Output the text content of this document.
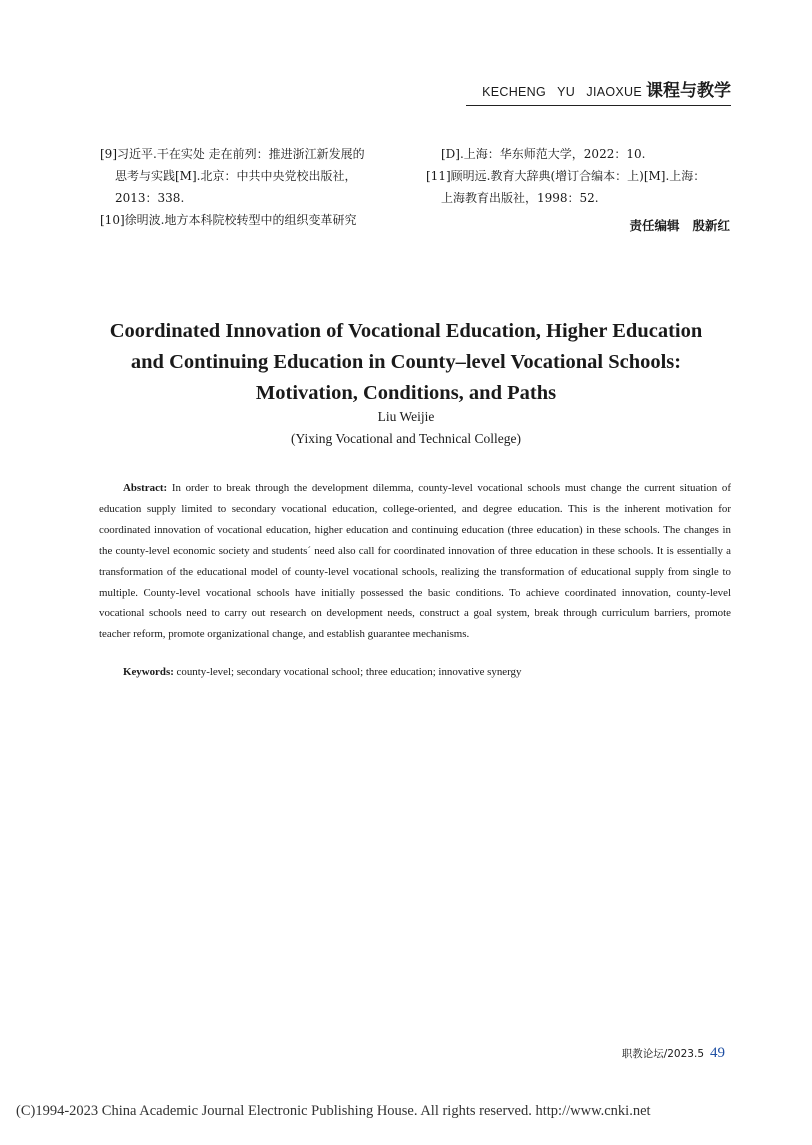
KECHENG   YU   JIAOXUE 课程与教学

[9]习近平.干在实处 走在前列：推进浙江新发展的
思考与实践[M].北京：中共中央党校出版社，
2013：338.

[10]徐明波.地方本科院校转型中的组织变革研究

[D].上海：华东师范大学，2022：10.

[11]顾明远.教育大辞典(增订合编本：上)[M].上海：
上海教育出版社，1998：52.

责任编辑   殷新红
Coordinated Innovation of Vocational Education, Higher Education
and Continuing Education in County–level Vocational Schools:
Motivation, Conditions, and Paths
Liu Weijie
(Yixing Vocational and Technical College)

Abstract: In order to break through the development dilemma, county-level vocational schools must change the current situation of education supply limited to secondary vocational education, college-oriented, and degree education. This is the inherent motivation for coordinated innovation of vocational education, higher education and continuing education (three education) in these schools. The changes in the county-level economic society and students´ need also call for coordinated innovation of three education in these schools. It is essentially a transformation of the educational model of county-level vocational schools, realizing the transformation of educational supply from single to multiple. County-level vocational schools have initially possessed the basic conditions. To achieve coordinated innovation, county-level vocational schools need to carry out research on development needs, construct a goal system, break through curriculum barriers, promote teacher reform, promote organizational change, and establish guarantee mechanisms.

Keywords: county-level; secondary vocational school; three education; innovative synergy
职教论坛/2023.5 49
(C)1994-2023 China Academic Journal Electronic Publishing House. All rights reserved. http://www.cnki.net
